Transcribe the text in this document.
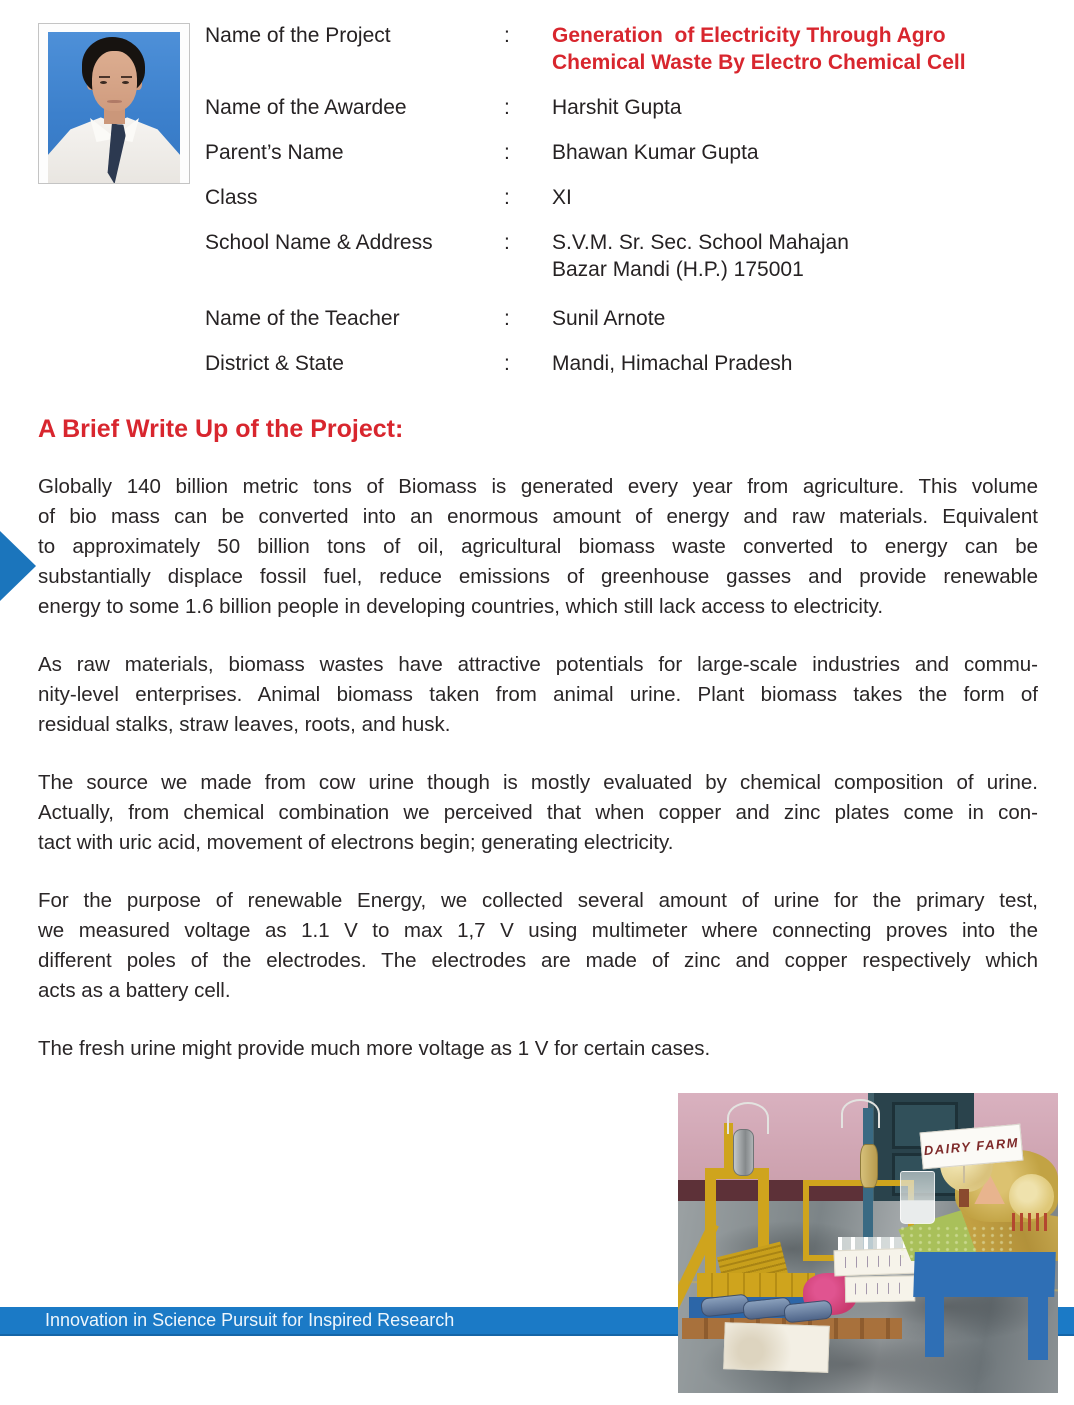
Name of the Project	:	Generation  of Electricity Through Agro
Chemical Waste By Electro Chemical Cell
Name of the Awardee	:	Harshit Gupta
Parent’s Name	:	Bhawan Kumar Gupta
Class	:	XI
School Name & Address	:	S.V.M. Sr. Sec. School Mahajan
Bazar Mandi (H.P.) 175001
Name of the Teacher	:	Sunil Arnote
District & State	:	Mandi, Himachal Pradesh
A Brief Write Up of the Project:
Globally 140 billion metric tons of Biomass is generated every year from agriculture. This volume
of bio mass can be converted into an enormous amount of energy and raw materials. Equivalent
to approximately 50 billion tons of oil, agricultural biomass waste converted to energy can be
substantially displace fossil fuel, reduce emissions of greenhouse gasses and provide renewable
energy to some 1.6 billion people in developing countries, which still lack access to electricity.
As raw materials, biomass wastes have attractive potentials for large-scale industries and commu-
nity-level enterprises. Animal biomass taken from animal urine. Plant biomass takes the form of
residual stalks, straw leaves, roots, and husk.
The source we made from cow urine though is mostly evaluated by chemical composition of urine.
Actually, from chemical combination we perceived that when copper and zinc plates come in con-
tact with uric acid, movement of electrons begin; generating electricity.
For the purpose of renewable Energy, we collected several amount of urine for the primary test,
we measured voltage as 1.1 V to max 1,7 V using multimeter where connecting proves into the
different poles of the electrodes. The electrodes are made of zinc and copper respectively which
acts as a battery cell.
The fresh urine might provide much more voltage as 1 V for certain cases.
Innovation in Science Pursuit for Inspired Research
DAIRY FARM
